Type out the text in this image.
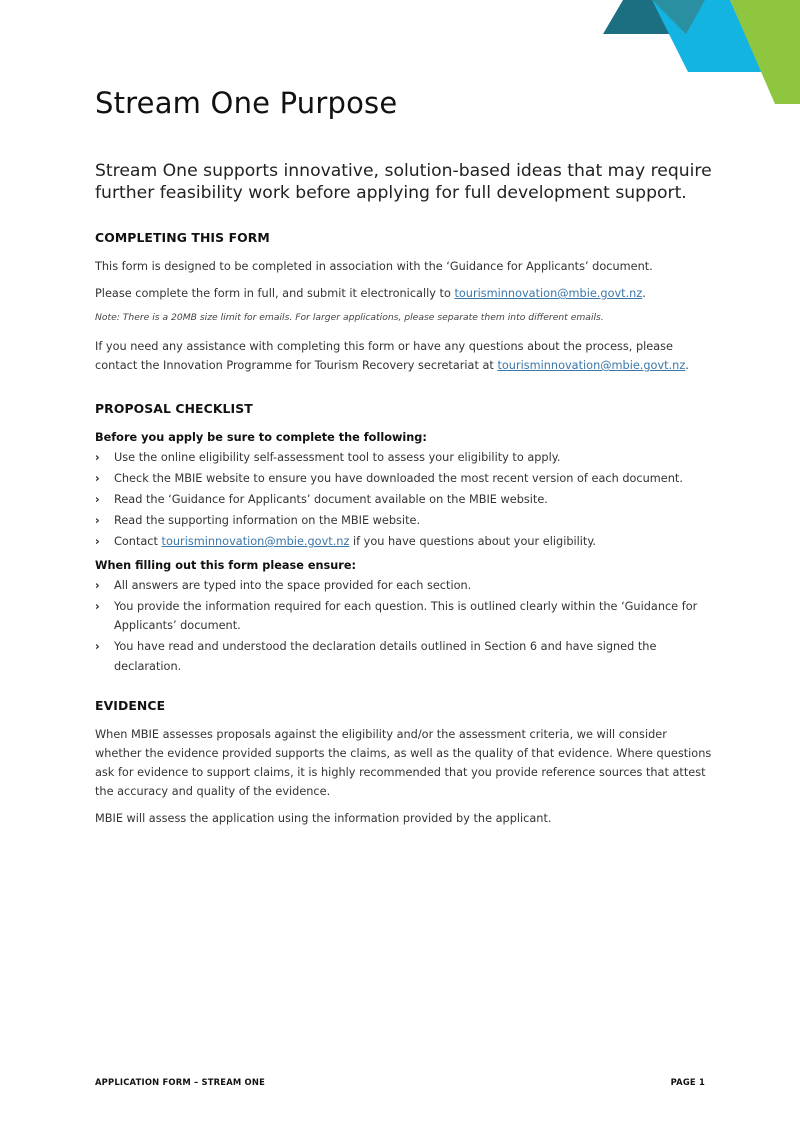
Stream One Purpose

Stream One supports innovative, solution-based ideas that may require further feasibility work before applying for full development support.

COMPLETING THIS FORM

This form is designed to be completed in association with the ‘Guidance for Applicants’ document.

Please complete the form in full, and submit it electronically to tourisminnovation@mbie.govt.nz.

Note: There is a 20MB size limit for emails. For larger applications, please separate them into different emails.

If you need any assistance with completing this form or have any questions about the process, please contact the Innovation Programme for Tourism Recovery secretariat at tourisminnovation@mbie.govt.nz.

PROPOSAL CHECKLIST
Before you apply be sure to complete the following:
› Use the online eligibility self-assessment tool to assess your eligibility to apply.
› Check the MBIE website to ensure you have downloaded the most recent version of each document.
› Read the ‘Guidance for Applicants’ document available on the MBIE website.
› Read the supporting information on the MBIE website.
› Contact tourisminnovation@mbie.govt.nz if you have questions about your eligibility.
When filling out this form please ensure:
› All answers are typed into the space provided for each section.
› You provide the information required for each question. This is outlined clearly within the ‘Guidance for Applicants’ document.
› You have read and understood the declaration details outlined in Section 6 and have signed the declaration.
EVIDENCE

When MBIE assesses proposals against the eligibility and/or the assessment criteria, we will consider whether the evidence provided supports the claims, as well as the quality of that evidence. Where questions ask for evidence to support claims, it is highly recommended that you provide reference sources that attest the accuracy and quality of the evidence.

MBIE will assess the application using the information provided by the applicant.

APPLICATION FORM – STREAM ONE	PAGE 1
